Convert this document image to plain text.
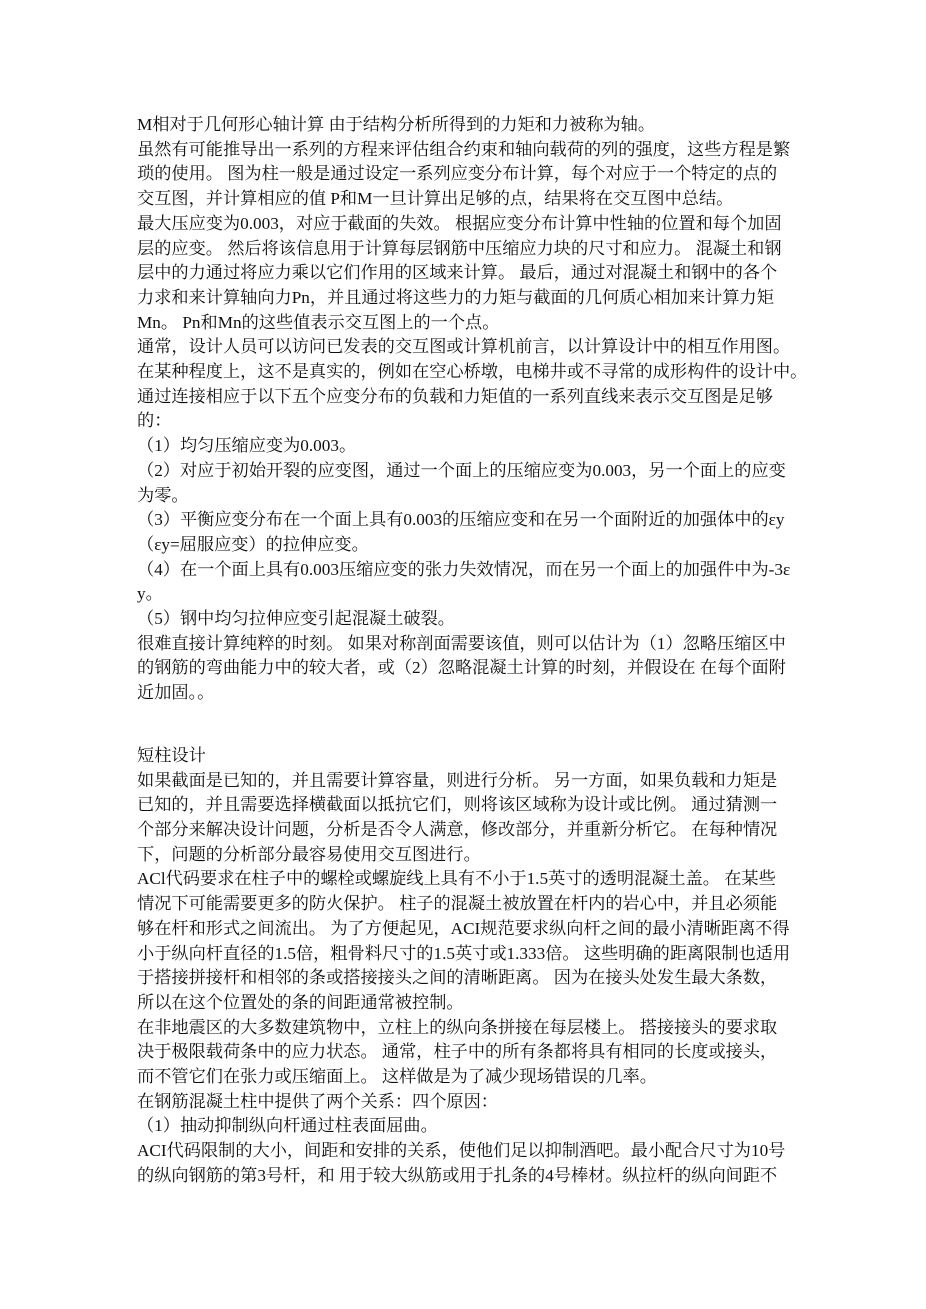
M相对于几何形心轴计算 由于结构分析所得到的力矩和力被称为轴。
虽然有可能推导出一系列的方程来评估组合约束和轴向载荷的列的强度，这些方程是繁
琐的使用。 图为柱一般是通过设定一系列应变分布计算，每个对应于一个特定的点的
交互图，并计算相应的值 P和M一旦计算出足够的点，结果将在交互图中总结。
最大压应变为0.003，对应于截面的失效。 根据应变分布计算中性轴的位置和每个加固
层的应变。 然后将该信息用于计算每层钢筋中压缩应力块的尺寸和应力。 混凝土和钢
层中的力通过将应力乘以它们作用的区域来计算。 最后，通过对混凝土和钢中的各个
力求和来计算轴向力Pn，并且通过将这些力的力矩与截面的几何质心相加来计算力矩
Mn。 Pn和Mn的这些值表示交互图上的一个点。
通常，设计人员可以访问已发表的交互图或计算机前言，以计算设计中的相互作用图。
在某种程度上，这不是真实的，例如在空心桥墩，电梯井或不寻常的成形构件的设计中。
通过连接相应于以下五个应变分布的负载和力矩值的一系列直线来表示交互图是足够
的：
（1）均匀压缩应变为0.003。
（2）对应于初始开裂的应变图，通过一个面上的压缩应变为0.003，另一个面上的应变
为零。
（3）平衡应变分布在一个面上具有0.003的压缩应变和在另一个面附近的加强体中的εy
（εy=屈服应变）的拉伸应变。
（4）在一个面上具有0.003压缩应变的张力失效情况，而在另一个面上的加强件中为-3ε
y。
（5）钢中均匀拉伸应变引起混凝土破裂。
很难直接计算纯粹的时刻。 如果对称剖面需要该值，则可以估计为（1）忽略压缩区中
的钢筋的弯曲能力中的较大者，或（2）忽略混凝土计算的时刻，并假设在 在每个面附
近加固。。
短柱设计
如果截面是已知的，并且需要计算容量，则进行分析。 另一方面，如果负载和力矩是
已知的，并且需要选择横截面以抵抗它们，则将该区域称为设计或比例。 通过猜测一
个部分来解决设计问题，分析是否令人满意，修改部分，并重新分析它。 在每种情况
下，问题的分析部分最容易使用交互图进行。
ACl代码要求在柱子中的螺栓或螺旋线上具有不小于1.5英寸的透明混凝土盖。 在某些
情况下可能需要更多的防火保护。 柱子的混凝土被放置在杆内的岩心中，并且必须能
够在杆和形式之间流出。 为了方便起见，ACI规范要求纵向杆之间的最小清晰距离不得
小于纵向杆直径的1.5倍，粗骨料尺寸的1.5英寸或1.333倍。 这些明确的距离限制也适用
于搭接拼接杆和相邻的条或搭接接头之间的清晰距离。 因为在接头处发生最大条数，
所以在这个位置处的条的间距通常被控制。
在非地震区的大多数建筑物中，立柱上的纵向条拼接在每层楼上。 搭接接头的要求取
决于极限载荷条中的应力状态。 通常，柱子中的所有条都将具有相同的长度或接头，
而不管它们在张力或压缩面上。 这样做是为了减少现场错误的几率。
在钢筋混凝土柱中提供了两个关系：四个原因：
（1）抽动抑制纵向杆通过柱表面屈曲。
ACI代码限制的大小，间距和安排的关系，使他们足以抑制酒吧。最小配合尺寸为10号
的纵向钢筋的第3号杆，和 用于较大纵筋或用于扎条的4号棒材。纵拉杆的纵向间距不
